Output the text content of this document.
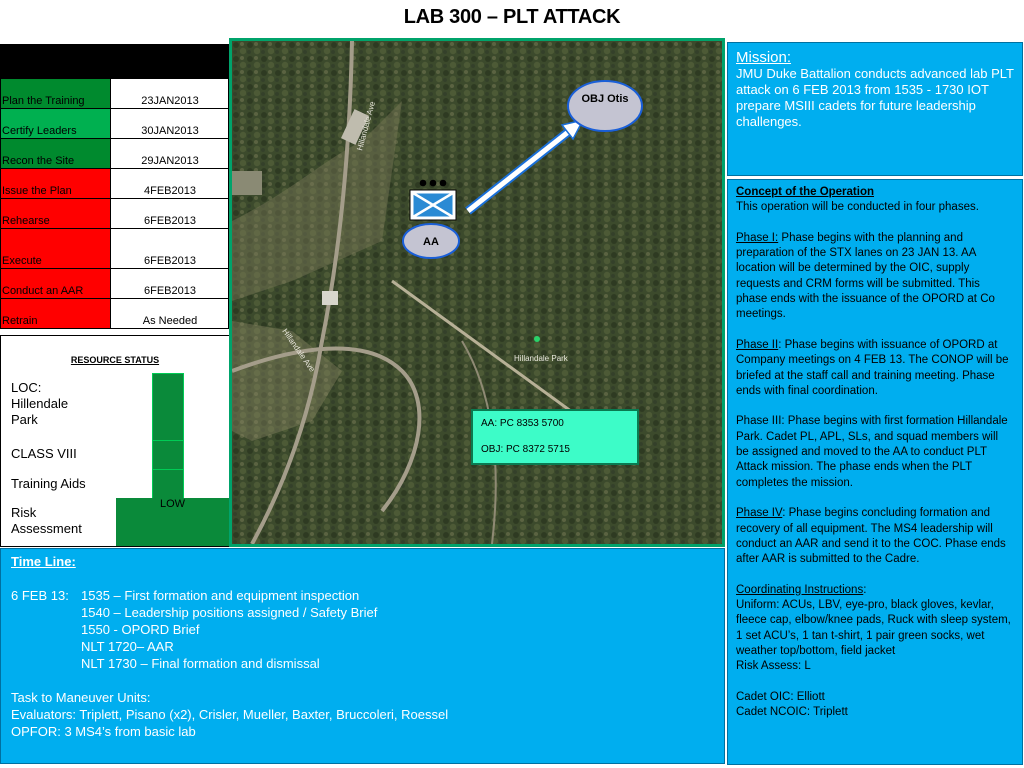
LAB 300 – PLT ATTACK
Plan the Training	23JAN2013
Certify Leaders	30JAN2013
Recon the Site	29JAN2013
Issue the Plan	4FEB2013
Rehearse	6FEB2013
Execute	6FEB2013
Conduct an AAR	6FEB2013
Retrain	As Needed
RESOURCE STATUS
LOC: Hillendale Park
CLASS VIII
Training Aids
Risk Assessment
LOW
Hillandale Ave
Hillandale Ave	Hillandale Park
OBJ Otis
AA
AA: PC 8353 5700
OBJ: PC 8372 5715
Mission:
JMU Duke Battalion conducts advanced lab PLT attack on 6 FEB 2013 from 1535 - 1730 IOT prepare MSIII cadets for future leadership challenges.

Concept of the Operation

This operation will be conducted in four phases.

Phase I: Phase begins with the planning and preparation of the STX lanes on 23 JAN 13. AA location will be determined by the OIC, supply requests and CRM forms will be submitted. This phase ends with the issuance of the OPORD at Co meetings.

Phase II: Phase begins with issuance of OPORD at Company meetings on 4 FEB 13. The CONOP will be briefed at the staff call and training meeting. Phase ends with final coordination.

Phase III: Phase begins with first formation Hillandale Park. Cadet PL, APL, SLs, and squad members will be assigned and moved to the AA to conduct PLT Attack mission. The phase ends when the PLT completes the mission.

Phase IV: Phase begins concluding formation and recovery of all equipment. The MS4 leadership will conduct an AAR and send it to the COC. Phase ends after AAR is submitted to the Cadre.

Coordinating Instructions:

Uniform: ACUs, LBV, eye-pro, black gloves, kevlar, fleece cap, elbow/knee pads, Ruck with sleep system, 1 set ACU’s, 1 tan t-shirt, 1 pair green socks, wet weather top/bottom, field jacket

Risk Assess: L

Cadet OIC: Elliott

Cadet NCOIC: Triplett

Time Line:

6 FEB 13: 1535 – First formation and equipment inspection

1540 – Leadership positions assigned / Safety Brief

1550 - OPORD Brief

NLT 1720– AAR

NLT 1730 – Final formation and dismissal

Task to Maneuver Units:

Evaluators: Triplett, Pisano (x2), Crisler, Mueller, Baxter, Bruccoleri, Roessel

OPFOR: 3 MS4’s from basic lab
